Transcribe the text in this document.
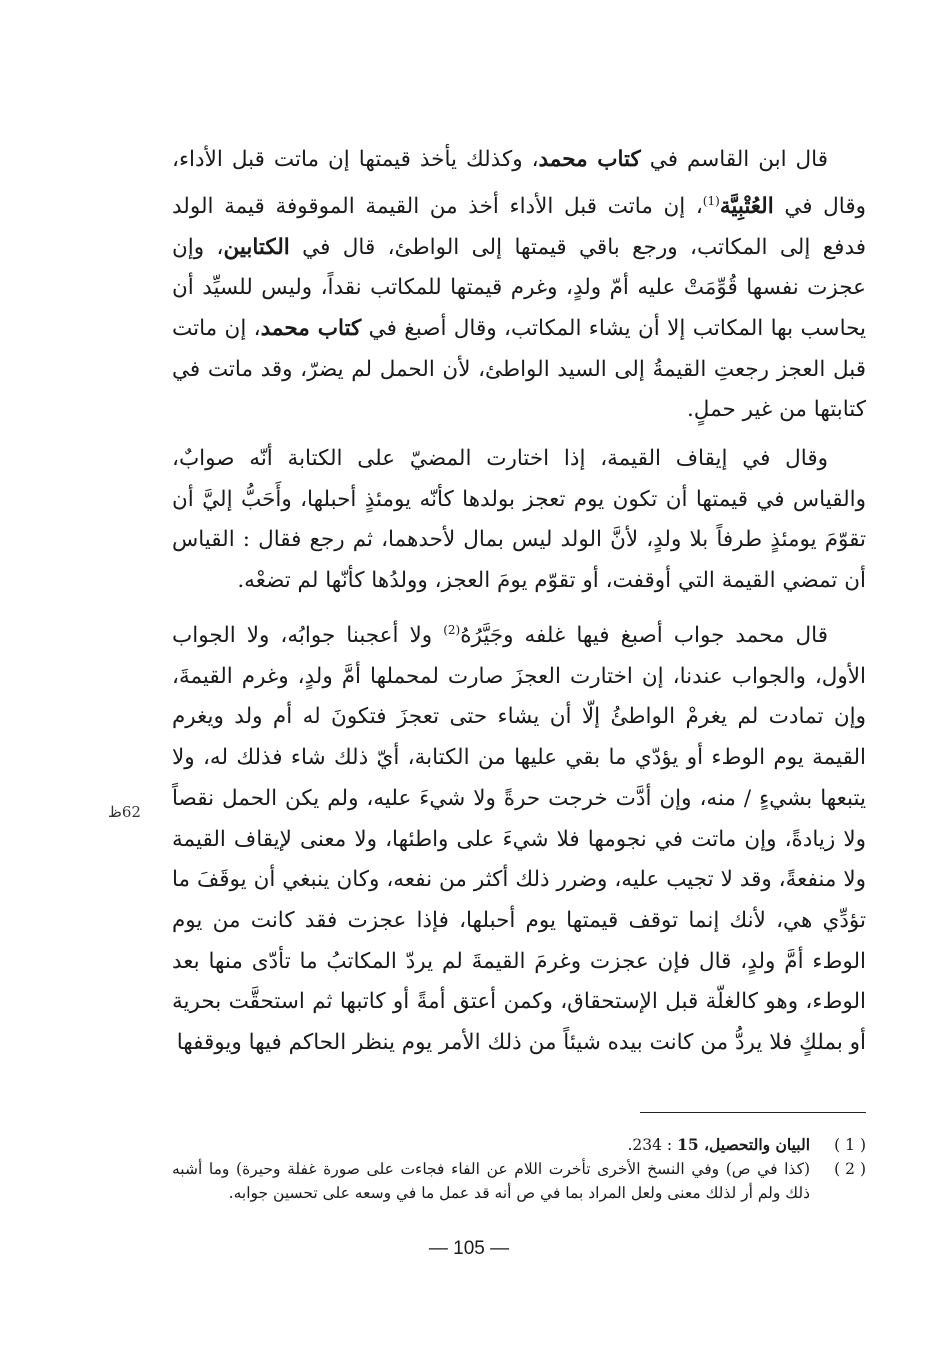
قال ابن القاسم في كتاب محمد، وكذلك يأخذ قيمتها إن ماتت قبل الأداء، وقال في العُتْبِيَّة$^{(1)}$، إن ماتت قبل الأداء أخذ من القيمة الموقوفة قيمة الولد فدفع إلى المكاتب، ورجع باقي قيمتها إلى الواطئ، قال في الكتابين، وإن عجزت نفسها قُوِّمَتْ عليه أمّ ولدٍ، وغرم قيمتها للمكاتب نقداً، وليس للسيِّد أن يحاسب بها المكاتب إلا أن يشاء المكاتب، وقال أصبغ في كتاب محمد، إن ماتت قبل العجز رجعتِ القيمةُ إلى السيد الواطئ، لأن الحمل لم يضرّ، وقد ماتت في كتابتها من غير حملٍ.

وقال في إيقاف القيمة، إذا اختارت المضيّ على الكتابة أنّه صوابٌ، والقياس في قيمتها أن تكون يوم تعجز بولدها كأنّه يومئذٍ أحبلها، وأَحَبُّ إليَّ أن تقوّمَ يومئذٍ طرفاً بلا ولدٍ، لأنَّ الولد ليس بمال لأحدهما، ثم رجع فقال : القياس أن تمضي القيمة التي أوقفت، أو تقوّم يومَ العجز، وولدُها كأنّها لم تضعْه.

قال محمد جواب أصبغ فيها غلفه وجَيَّرُهُ$^{(2)}$ ولا أعجبنا جوابُه، ولا الجواب الأول، والجواب عندنا، إن اختارت العجزَ صارت لمحملها أمَّ ولدٍ، وغرم القيمةَ، وإن تمادت لم يغرمْ الواطئُ إلّا أن يشاء حتى تعجزَ فتكونَ له أم ولد ويغرم القيمة يوم الوطء أو يؤدّي ما بقي عليها من الكتابة، أيّ ذلك شاء فذلك له، ولا يتبعها بشيءٍ / منه، وإن أدَّت خرجت حرةً ولا شيءَ عليه، ولم يكن الحمل نقصاً ولا زيادةً، وإن ماتت في نجومها فلا شيءَ على واطئها، ولا معنى لإيقاف القيمة ولا منفعةً، وقد لا تجيب عليه، وضرر ذلك أكثر من نفعه، وكان ينبغي أن يوقَفَ ما تؤدِّي هي، لأنك إنما توقف قيمتها يوم أحبلها، فإذا عجزت فقد كانت من يوم الوطء أمَّ ولدٍ، قال فإن عجزت وغرمَ القيمةَ لم يردّ المكاتبُ ما تأدّى منها بعد الوطء، وهو كالغلّة قبل الإستحقاق، وكمن أعتق أمةً أو كاتبها ثم استحقَّت بحرية أو بملكٍ فلا يردُّ من كانت بيده شيئاً من ذلك الأمر يوم ينظر الحاكم فيها ويوقفها

62ظ
( 1 )
البيان والتحصيل، 15 : 234.
( 2 )
(كذا في ص) وفي النسخ الأخرى تأخرت اللام عن الفاء فجاءت على صورة غفلة وحيرة) وما أشبه ذلك ولم أر لذلك معنى ولعل المراد بما في ص أنه قد عمل ما في وسعه على تحسين جوابه.
— 105 —
